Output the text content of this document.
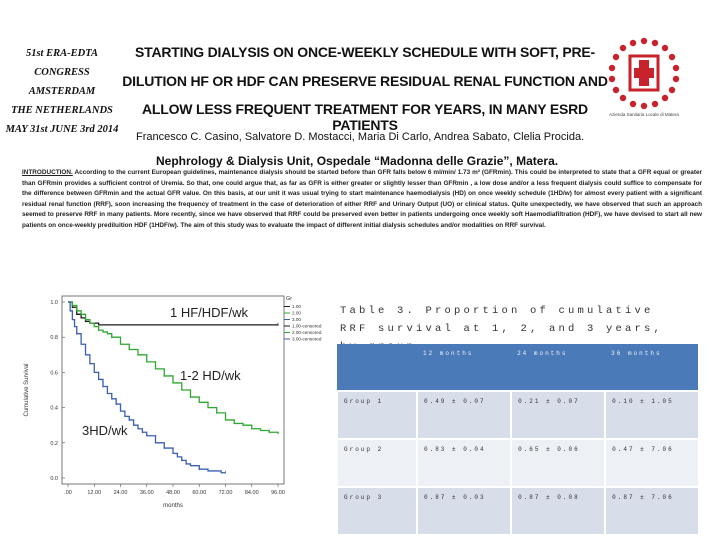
51st ERA-EDTA
CONGRESS
AMSTERDAM
THE NETHERLANDS
MAY 31st JUNE 3rd 2014
STARTING DIALYSIS ON ONCE-WEEKLY SCHEDULE WITH SOFT, PRE-
DILUTION HF OR HDF CAN PRESERVE RESIDUAL RENAL FUNCTION AND
ALLOW LESS FREQUENT TREATMENT FOR YEARS, IN MANY ESRD PATIENTS
Francesco C. Casino, Salvatore D. Mostacci, Maria Di Carlo, Andrea Sabato, Clelia Procida.
Nephrology & Dialysis Unit, Ospedale “Madonna delle Grazie”, Matera.
Azienda Sanitaria Locale di Matera
INTRODUCTION. According to the current European guidelines, maintenance dialysis should be started before than GFR falls below 6 ml/min/ 1.73 m² (GFRmin). This could be interpreted to state that a GFR equal or greater than GFRmin provides a sufficient control of Uremia. So that, one could argue that, as far as GFR is either greater or slightly lesser than GFRmin , a low dose and/or a less frequent dialysis could suffice to compensate for the difference between GFRmin and the actual GFR value. On this basis, at our unit it was usual trying to start maintenance haemodialysis (HD) on once weekly schedule (1HD/w) for almost every patient with a significant residual renal function (RRF), soon increasing the frequency of treatment in the case of deterioration of either RRF and Urinary Output (UO) or clinical status. Quite unexpectedly, we have observed that such an approach seemed to preserve RRF in many patients. More recently, since we have observed that RRF could be preserved even better in patients undergoing once weekly soft Haemodiafiltration (HDF), we have devised to start all new patients on once-weekly prediluition HDF (1HDF/w). The aim of this study was to evaluate the impact of different initial dialysis schedules and/or modalities on RRF survival.
0.0
0.2
0.4
0.6
0.8
1.0
.00	12.00 24.00 36.00 48.00 60.00 72.00 84.00 96.00
Cumulative Survival
months
Gr
1.00
2.00
3.00
1.00-censored
2.00-censored
3.00-censored
1 HF/HDF/wk
1-2 HD/wk
3HD/wk
Table 3. Proportion of cumulative RRF survival at 1, 2, and 3 years,
	12 months	24 months	36 months
Group 1	0.49 ± 0.07	0.21 ± 0.07	0.10 ± 1.05
Group 2	0.83 ± 0.04	0.65 ± 0.06	0.47 ± 7.06
Group 3	0.87 ± 0.03	0.87 ± 0.08	0.87 ± 7.06
